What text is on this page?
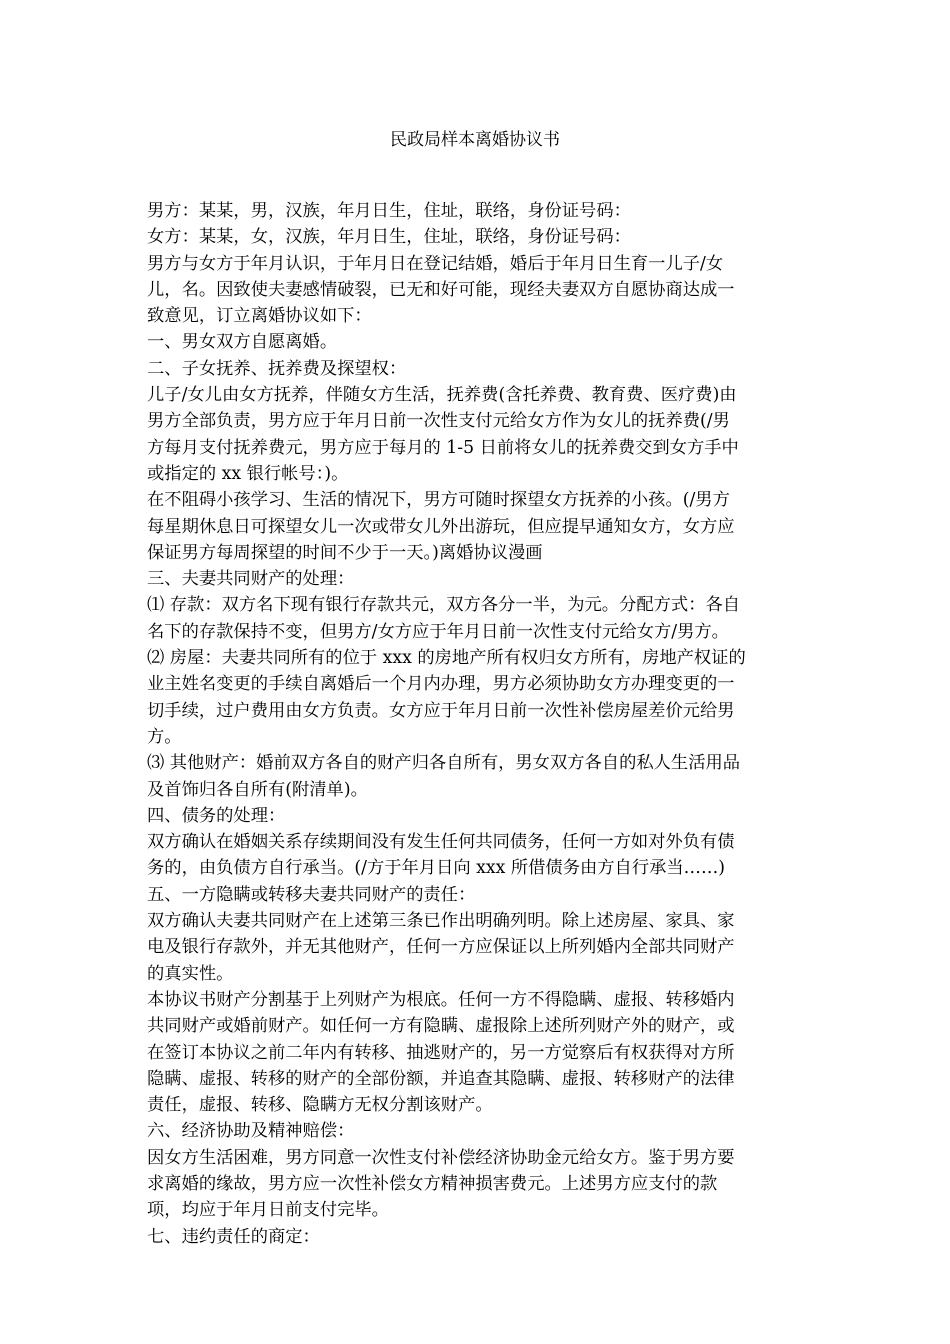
民政局样本离婚协议书
男方：某某，男，汉族，年月日生，住址，联络，身份证号码：
女方：某某，女，汉族，年月日生，住址，联络，身份证号码：
男方与女方于年月认识，于年月日在登记结婚，婚后于年月日生育一儿子/女
儿，名。因致使夫妻感情破裂，已无和好可能，现经夫妻双方自愿协商达成一
致意见，订立离婚协议如下：
一、男女双方自愿离婚。
二、子女抚养、抚养费及探望权：
儿子/女儿由女方抚养，伴随女方生活，抚养费(含托养费、教育费、医疗费)由
男方全部负责，男方应于年月日前一次性支付元给女方作为女儿的抚养费(/男
方每月支付抚养费元，男方应于每月的 1-5 日前将女儿的抚养费交到女方手中
或指定的 xx 银行帐号：)。
在不阻碍小孩学习、生活的情况下，男方可随时探望女方抚养的小孩。(/男方
每星期休息日可探望女儿一次或带女儿外出游玩，但应提早通知女方，女方应
保证男方每周探望的时间不少于一天。)离婚协议漫画
三、夫妻共同财产的处理：
⑴ 存款：双方名下现有银行存款共元，双方各分一半，为元。分配方式：各自
名下的存款保持不变，但男方/女方应于年月日前一次性支付元给女方/男方。
⑵ 房屋：夫妻共同所有的位于 xxx 的房地产所有权归女方所有，房地产权证的
业主姓名变更的手续自离婚后一个月内办理，男方必须协助女方办理变更的一
切手续，过户费用由女方负责。女方应于年月日前一次性补偿房屋差价元给男
方。
⑶ 其他财产：婚前双方各自的财产归各自所有，男女双方各自的私人生活用品
及首饰归各自所有(附清单)。
四、债务的处理：
双方确认在婚姻关系存续期间没有发生任何共同债务，任何一方如对外负有债
务的，由负债方自行承当。(/方于年月日向 xxx 所借债务由方自行承当……)
五、一方隐瞒或转移夫妻共同财产的责任：
双方确认夫妻共同财产在上述第三条已作出明确列明。除上述房屋、家具、家
电及银行存款外，并无其他财产，任何一方应保证以上所列婚内全部共同财产
的真实性。
本协议书财产分割基于上列财产为根底。任何一方不得隐瞒、虚报、转移婚内
共同财产或婚前财产。如任何一方有隐瞒、虚报除上述所列财产外的财产，或
在签订本协议之前二年内有转移、抽逃财产的，另一方觉察后有权获得对方所
隐瞒、虚报、转移的财产的全部份额，并追查其隐瞒、虚报、转移财产的法律
责任，虚报、转移、隐瞒方无权分割该财产。
六、经济协助及精神赔偿：
因女方生活困难，男方同意一次性支付补偿经济协助金元给女方。鉴于男方要
求离婚的缘故，男方应一次性补偿女方精神损害费元。上述男方应支付的款
项，均应于年月日前支付完毕。
七、违约责任的商定：
